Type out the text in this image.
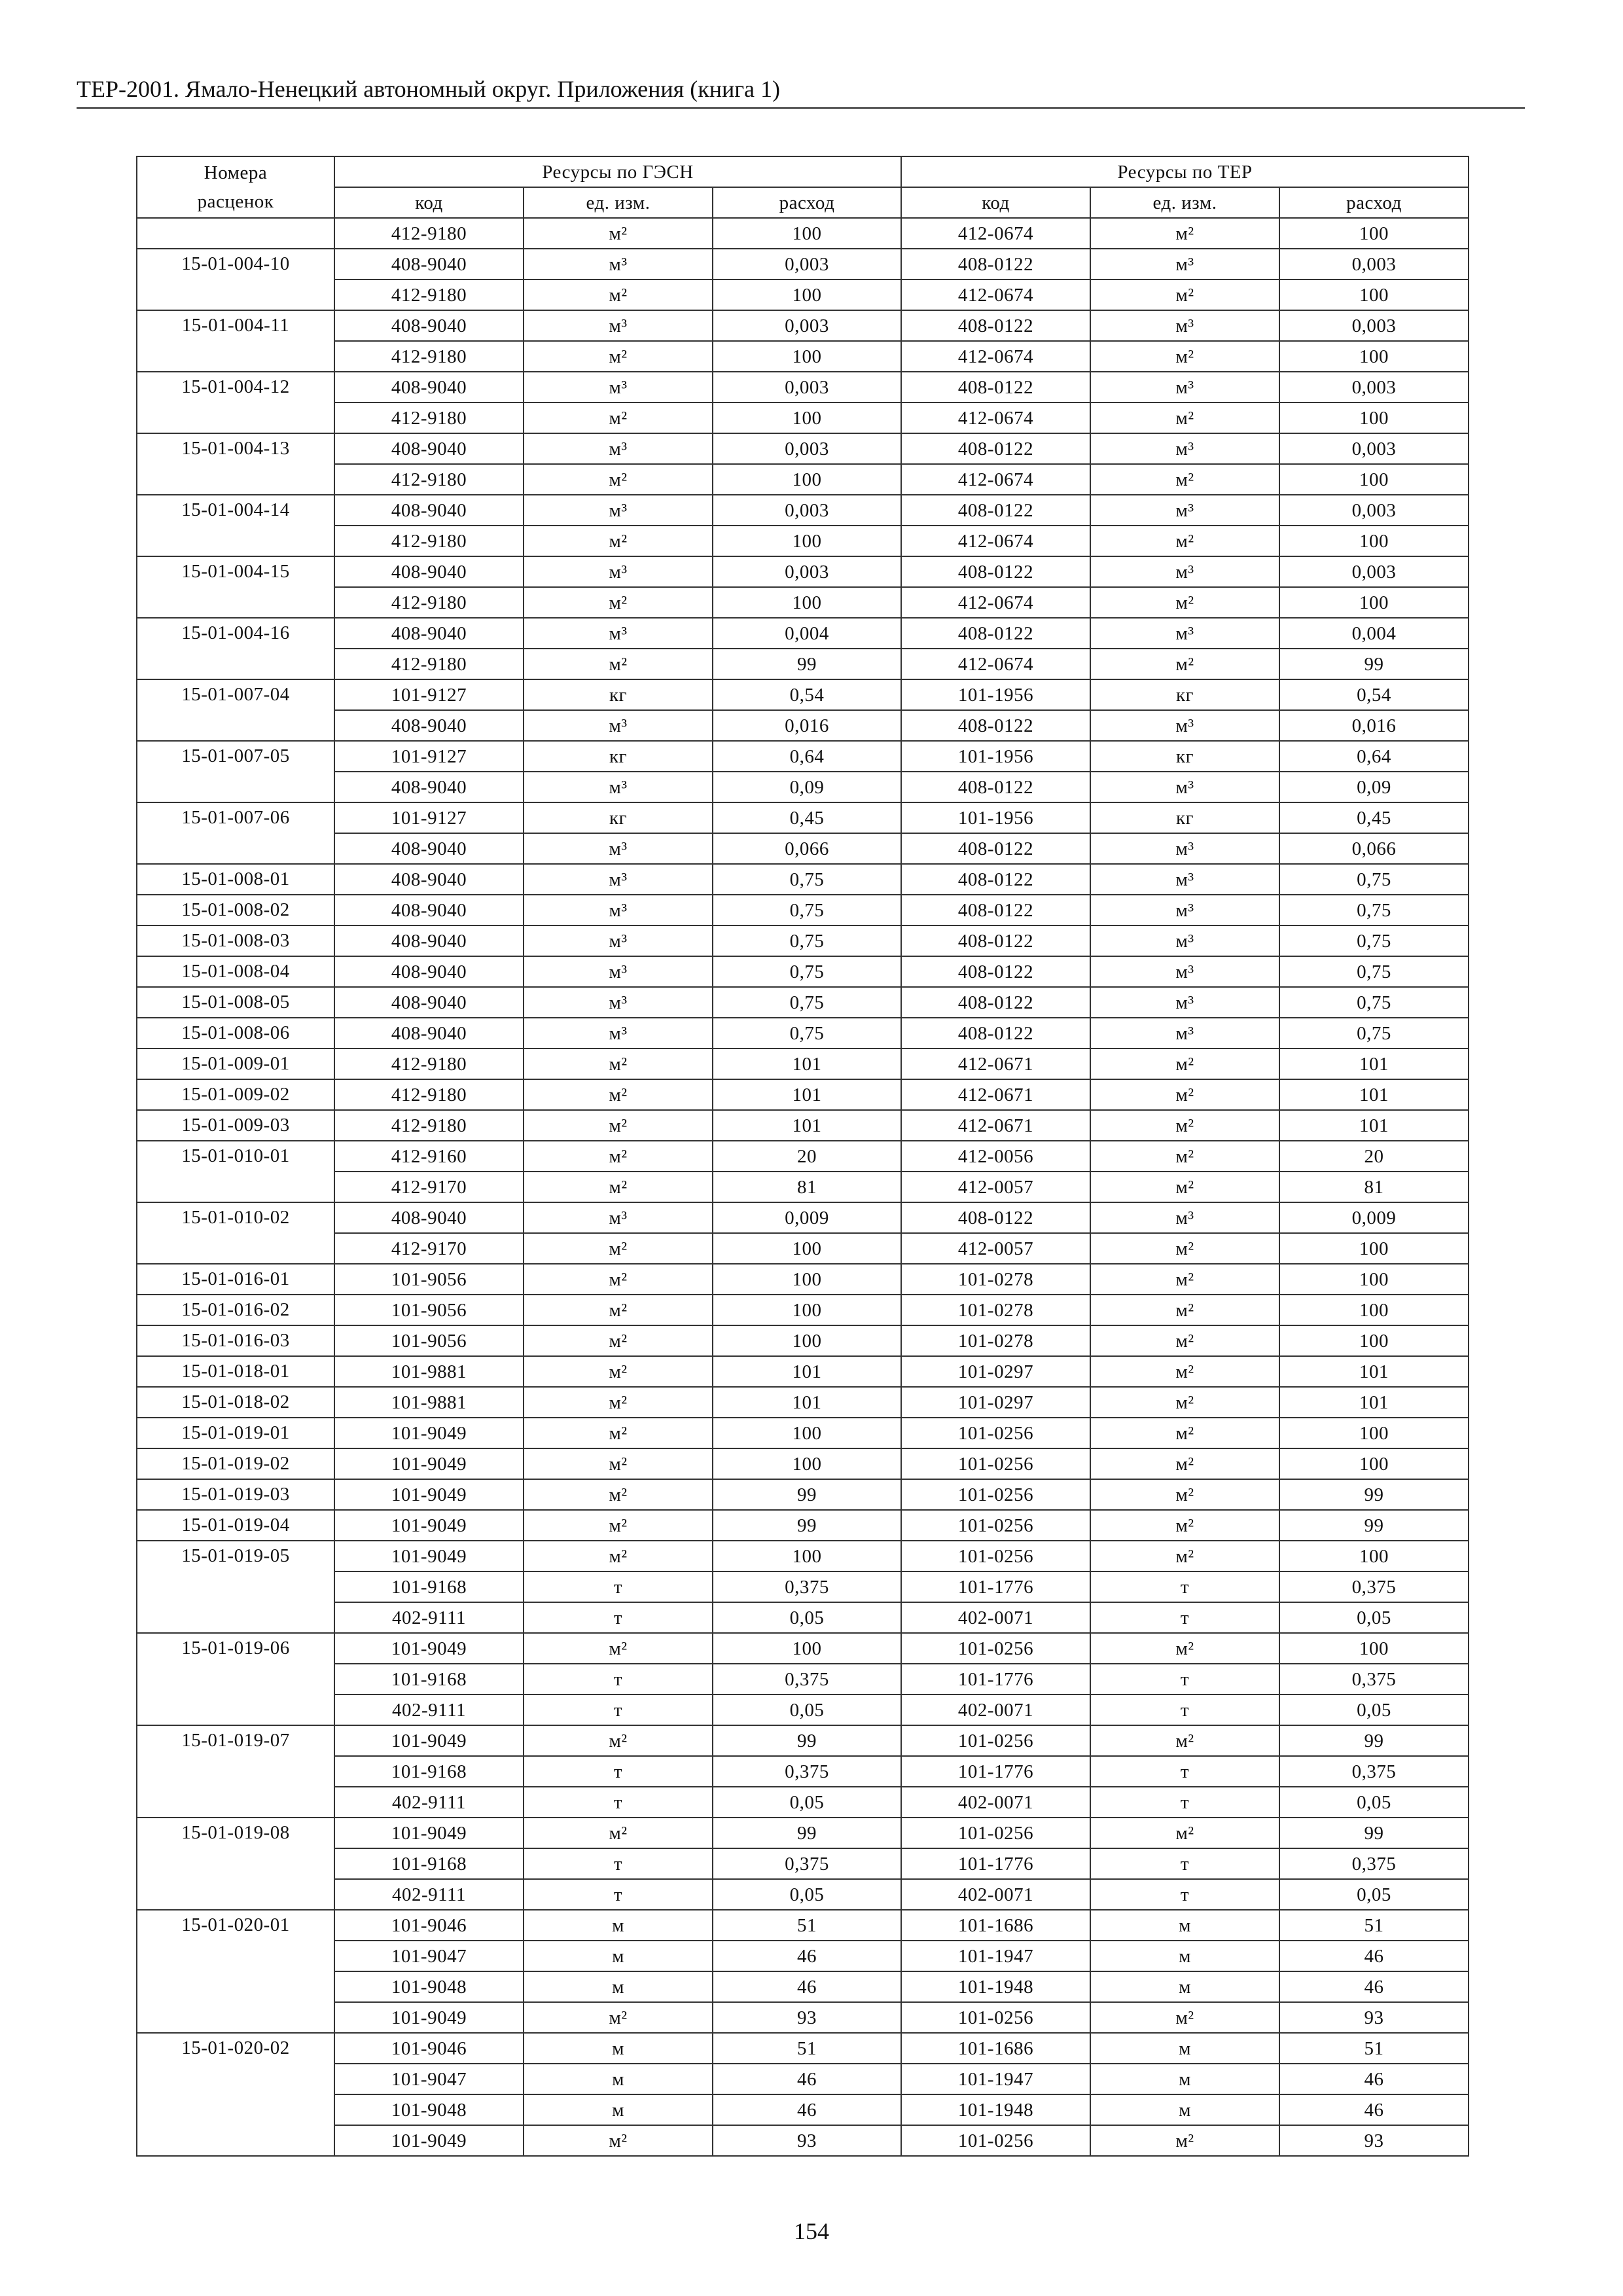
ТЕР-2001. Ямало-Ненецкий автономный округ. Приложения (книга 1)
Номера
расценок	Ресурсы по ГЭСН			Ресурсы по ТЕР		
	код	ед. изм.	расход	код	ед. изм.	расход
	412-9180	м²	100	412-0674	м²	100
15-01-004-10	408-9040	м³	0,003	408-0122	м³	0,003
	412-9180	м²	100	412-0674	м²	100
15-01-004-11	408-9040	м³	0,003	408-0122	м³	0,003
	412-9180	м²	100	412-0674	м²	100
15-01-004-12	408-9040	м³	0,003	408-0122	м³	0,003
	412-9180	м²	100	412-0674	м²	100
15-01-004-13	408-9040	м³	0,003	408-0122	м³	0,003
	412-9180	м²	100	412-0674	м²	100
15-01-004-14	408-9040	м³	0,003	408-0122	м³	0,003
	412-9180	м²	100	412-0674	м²	100
15-01-004-15	408-9040	м³	0,003	408-0122	м³	0,003
	412-9180	м²	100	412-0674	м²	100
15-01-004-16	408-9040	м³	0,004	408-0122	м³	0,004
	412-9180	м²	99	412-0674	м²	99
15-01-007-04	101-9127	кг	0,54	101-1956	кг	0,54
	408-9040	м³	0,016	408-0122	м³	0,016
15-01-007-05	101-9127	кг	0,64	101-1956	кг	0,64
	408-9040	м³	0,09	408-0122	м³	0,09
15-01-007-06	101-9127	кг	0,45	101-1956	кг	0,45
	408-9040	м³	0,066	408-0122	м³	0,066
15-01-008-01	408-9040	м³	0,75	408-0122	м³	0,75
15-01-008-02	408-9040	м³	0,75	408-0122	м³	0,75
15-01-008-03	408-9040	м³	0,75	408-0122	м³	0,75
15-01-008-04	408-9040	м³	0,75	408-0122	м³	0,75
15-01-008-05	408-9040	м³	0,75	408-0122	м³	0,75
15-01-008-06	408-9040	м³	0,75	408-0122	м³	0,75
15-01-009-01	412-9180	м²	101	412-0671	м²	101
15-01-009-02	412-9180	м²	101	412-0671	м²	101
15-01-009-03	412-9180	м²	101	412-0671	м²	101
15-01-010-01	412-9160	м²	20	412-0056	м²	20
	412-9170	м²	81	412-0057	м²	81
15-01-010-02	408-9040	м³	0,009	408-0122	м³	0,009
	412-9170	м²	100	412-0057	м²	100
15-01-016-01	101-9056	м²	100	101-0278	м²	100
15-01-016-02	101-9056	м²	100	101-0278	м²	100
15-01-016-03	101-9056	м²	100	101-0278	м²	100
15-01-018-01	101-9881	м²	101	101-0297	м²	101
15-01-018-02	101-9881	м²	101	101-0297	м²	101
15-01-019-01	101-9049	м²	100	101-0256	м²	100
15-01-019-02	101-9049	м²	100	101-0256	м²	100
15-01-019-03	101-9049	м²	99	101-0256	м²	99
15-01-019-04	101-9049	м²	99	101-0256	м²	99
15-01-019-05	101-9049	м²	100	101-0256	м²	100
	101-9168	т	0,375	101-1776	т	0,375
	402-9111	т	0,05	402-0071	т	0,05
15-01-019-06	101-9049	м²	100	101-0256	м²	100
	101-9168	т	0,375	101-1776	т	0,375
	402-9111	т	0,05	402-0071	т	0,05
15-01-019-07	101-9049	м²	99	101-0256	м²	99
	101-9168	т	0,375	101-1776	т	0,375
	402-9111	т	0,05	402-0071	т	0,05
15-01-019-08	101-9049	м²	99	101-0256	м²	99
	101-9168	т	0,375	101-1776	т	0,375
	402-9111	т	0,05	402-0071	т	0,05
15-01-020-01	101-9046	м	51	101-1686	м	51
	101-9047	м	46	101-1947	м	46
	101-9048	м	46	101-1948	м	46
	101-9049	м²	93	101-0256	м²	93
15-01-020-02	101-9046	м	51	101-1686	м	51
	101-9047	м	46	101-1947	м	46
	101-9048	м	46	101-1948	м	46
	101-9049	м²	93	101-0256	м²	93
154
